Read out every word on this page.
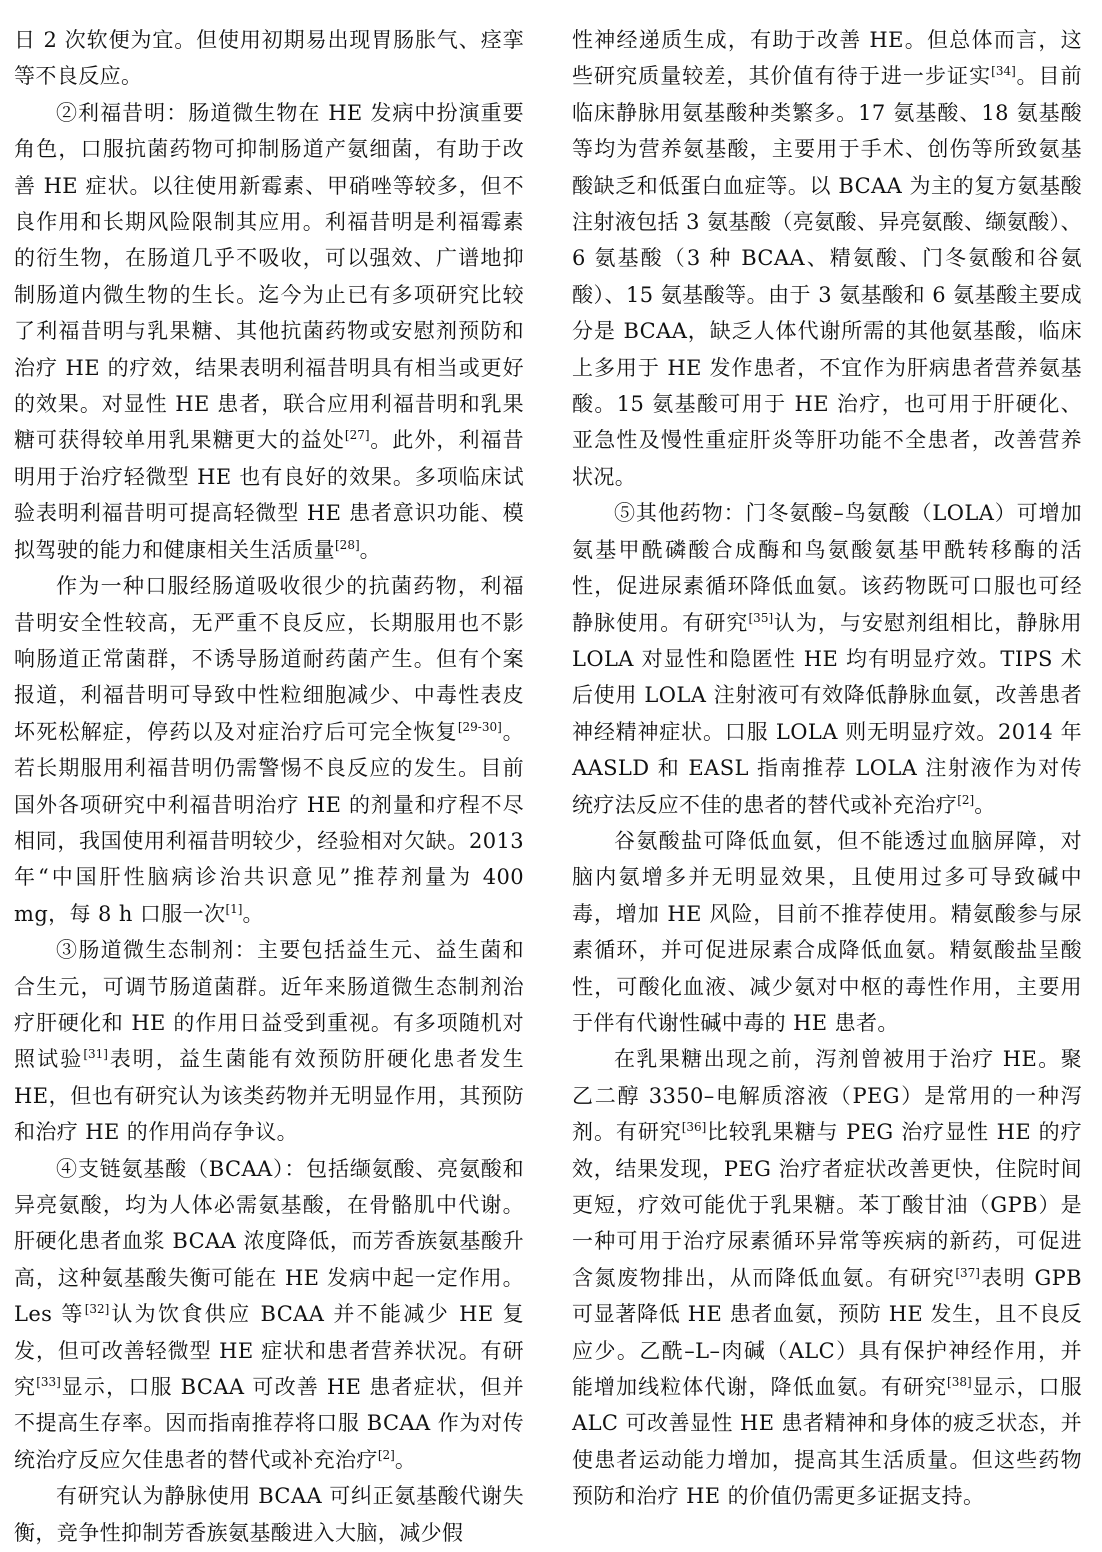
日 2 次软便为宜。但使用初期易出现胃肠胀气、痉挛等不良反应。

②利福昔明：肠道微生物在 HE 发病中扮演重要角色，口服抗菌药物可抑制肠道产氨细菌，有助于改善 HE 症状。以往使用新霉素、甲硝唑等较多，但不良作用和长期风险限制其应用。利福昔明是利福霉素的衍生物，在肠道几乎不吸收，可以强效、广谱地抑制肠道内微生物的生长。迄今为止已有多项研究比较了利福昔明与乳果糖、其他抗菌药物或安慰剂预防和治疗 HE 的疗效，结果表明利福昔明具有相当或更好的效果。对显性 HE 患者，联合应用利福昔明和乳果糖可获得较单用乳果糖更大的益处[27]。此外，利福昔明用于治疗轻微型 HE 也有良好的效果。多项临床试验表明利福昔明可提高轻微型 HE 患者意识功能、模拟驾驶的能力和健康相关生活质量[28]。

作为一种口服经肠道吸收很少的抗菌药物，利福昔明安全性较高，无严重不良反应，长期服用也不影响肠道正常菌群，不诱导肠道耐药菌产生。但有个案报道，利福昔明可导致中性粒细胞减少、中毒性表皮坏死松解症，停药以及对症治疗后可完全恢复[29-30]。若长期服用利福昔明仍需警惕不良反应的发生。目前国外各项研究中利福昔明治疗 HE 的剂量和疗程不尽相同，我国使用利福昔明较少，经验相对欠缺。2013 年“中国肝性脑病诊治共识意见”推荐剂量为 400 mg，每 8 h 口服一次[1]。

③肠道微生态制剂：主要包括益生元、益生菌和合生元，可调节肠道菌群。近年来肠道微生态制剂治疗肝硬化和 HE 的作用日益受到重视。有多项随机对照试验[31]表明，益生菌能有效预防肝硬化患者发生 HE，但也有研究认为该类药物并无明显作用，其预防和治疗 HE 的作用尚存争议。

④支链氨基酸（BCAA）：包括缬氨酸、亮氨酸和异亮氨酸，均为人体必需氨基酸，在骨骼肌中代谢。肝硬化患者血浆 BCAA 浓度降低，而芳香族氨基酸升高，这种氨基酸失衡可能在 HE 发病中起一定作用。Les 等[32]认为饮食供应 BCAA 并不能减少 HE 复发，但可改善轻微型 HE 症状和患者营养状况。有研究[33]显示，口服 BCAA 可改善 HE 患者症状，但并不提高生存率。因而指南推荐将口服 BCAA 作为对传统治疗反应欠佳患者的替代或补充治疗[2]。

有研究认为静脉使用 BCAA 可纠正氨基酸代谢失衡，竞争性抑制芳香族氨基酸进入大脑，减少假

性神经递质生成，有助于改善 HE。但总体而言，这些研究质量较差，其价值有待于进一步证实[34]。目前临床静脉用氨基酸种类繁多。17 氨基酸、18 氨基酸等均为营养氨基酸，主要用于手术、创伤等所致氨基酸缺乏和低蛋白血症等。以 BCAA 为主的复方氨基酸注射液包括 3 氨基酸（亮氨酸、异亮氨酸、缬氨酸）、6 氨基酸（3 种 BCAA、精氨酸、门冬氨酸和谷氨酸）、15 氨基酸等。由于 3 氨基酸和 6 氨基酸主要成分是 BCAA，缺乏人体代谢所需的其他氨基酸，临床上多用于 HE 发作患者，不宜作为肝病患者营养氨基酸。15 氨基酸可用于 HE 治疗，也可用于肝硬化、亚急性及慢性重症肝炎等肝功能不全患者，改善营养状况。

⑤其他药物：门冬氨酸–鸟氨酸（LOLA）可增加氨基甲酰磷酸合成酶和鸟氨酸氨基甲酰转移酶的活性，促进尿素循环降低血氨。该药物既可口服也可经静脉使用。有研究[35]认为，与安慰剂组相比，静脉用 LOLA 对显性和隐匿性 HE 均有明显疗效。TIPS 术后使用 LOLA 注射液可有效降低静脉血氨，改善患者神经精神症状。口服 LOLA 则无明显疗效。2014 年 AASLD 和 EASL 指南推荐 LOLA 注射液作为对传统疗法反应不佳的患者的替代或补充治疗[2]。

谷氨酸盐可降低血氨，但不能透过血脑屏障，对脑内氨增多并无明显效果，且使用过多可导致碱中毒，增加 HE 风险，目前不推荐使用。精氨酸参与尿素循环，并可促进尿素合成降低血氨。精氨酸盐呈酸性，可酸化血液、减少氨对中枢的毒性作用，主要用于伴有代谢性碱中毒的 HE 患者。

在乳果糖出现之前，泻剂曾被用于治疗 HE。聚乙二醇 3350–电解质溶液（PEG）是常用的一种泻剂。有研究[36]比较乳果糖与 PEG 治疗显性 HE 的疗效，结果发现，PEG 治疗者症状改善更快，住院时间更短，疗效可能优于乳果糖。苯丁酸甘油（GPB）是一种可用于治疗尿素循环异常等疾病的新药，可促进含氮废物排出，从而降低血氨。有研究[37]表明 GPB 可显著降低 HE 患者血氨，预防 HE 发生，且不良反应少。乙酰–L–肉碱（ALC）具有保护神经作用，并能增加线粒体代谢，降低血氨。有研究[38]显示，口服 ALC 可改善显性 HE 患者精神和身体的疲乏状态，并使患者运动能力增加，提高其生活质量。但这些药物预防和治疗 HE 的价值仍需更多证据支持。
